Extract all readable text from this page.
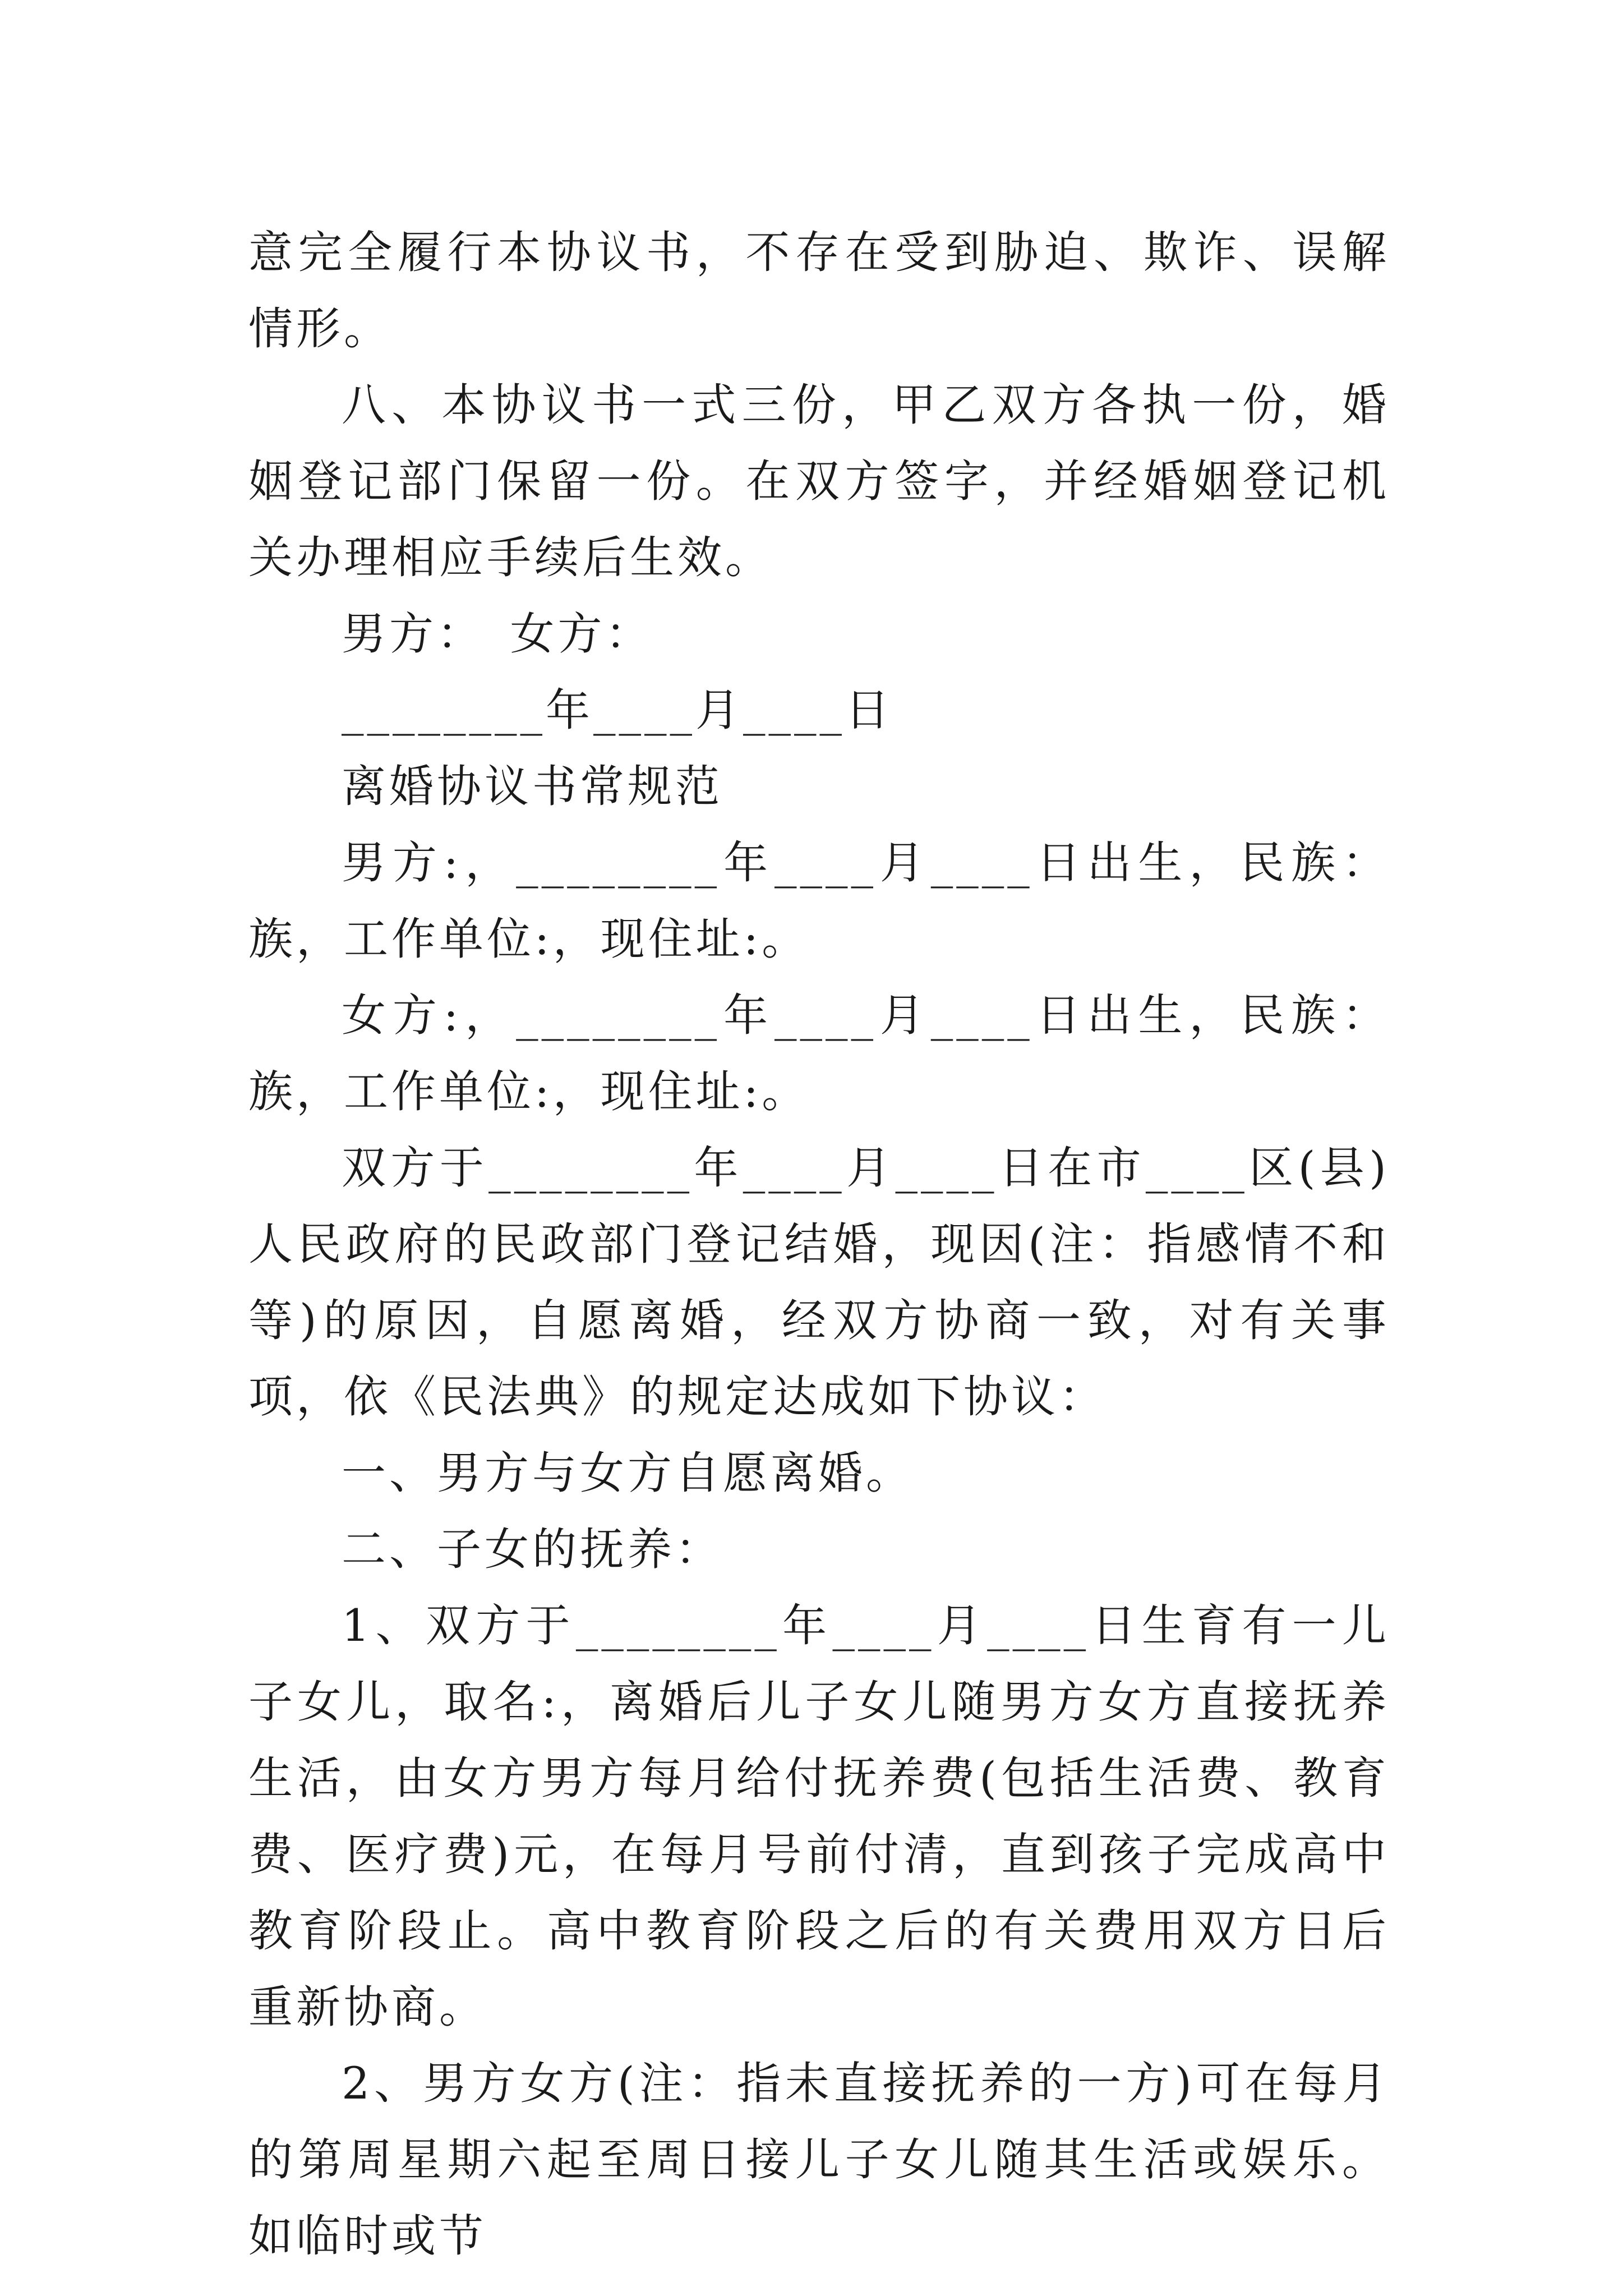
意完全履行本协议书，不存在受到胁迫、欺诈、误解情形。

八、本协议书一式三份，甲乙双方各执一份，婚姻登记部门保留一份。在双方签字，并经婚姻登记机关办理相应手续后生效。

男方：　女方：

________年____月____日

离婚协议书常规范

男方:，________年____月____日出生，民族：族，工作单位:，现住址:。

女方:，________年____月____日出生，民族：族，工作单位:，现住址:。

双方于________年____月____日在市____区(县)人民政府的民政部门登记结婚，现因(注：指感情不和等)的原因，自愿离婚，经双方协商一致，对有关事项，依《民法典》的规定达成如下协议：

一、男方与女方自愿离婚。

二、子女的抚养：

1、双方于________年____月____日生育有一儿子女儿，取名:，离婚后儿子女儿随男方女方直接抚养生活，由女方男方每月给付抚养费(包括生活费、教育费、医疗费)元，在每月号前付清，直到孩子完成高中教育阶段止。高中教育阶段之后的有关费用双方日后重新协商。

2、男方女方(注：指未直接抚养的一方)可在每月的第周星期六起至周日接儿子女儿随其生活或娱乐。如临时或节
